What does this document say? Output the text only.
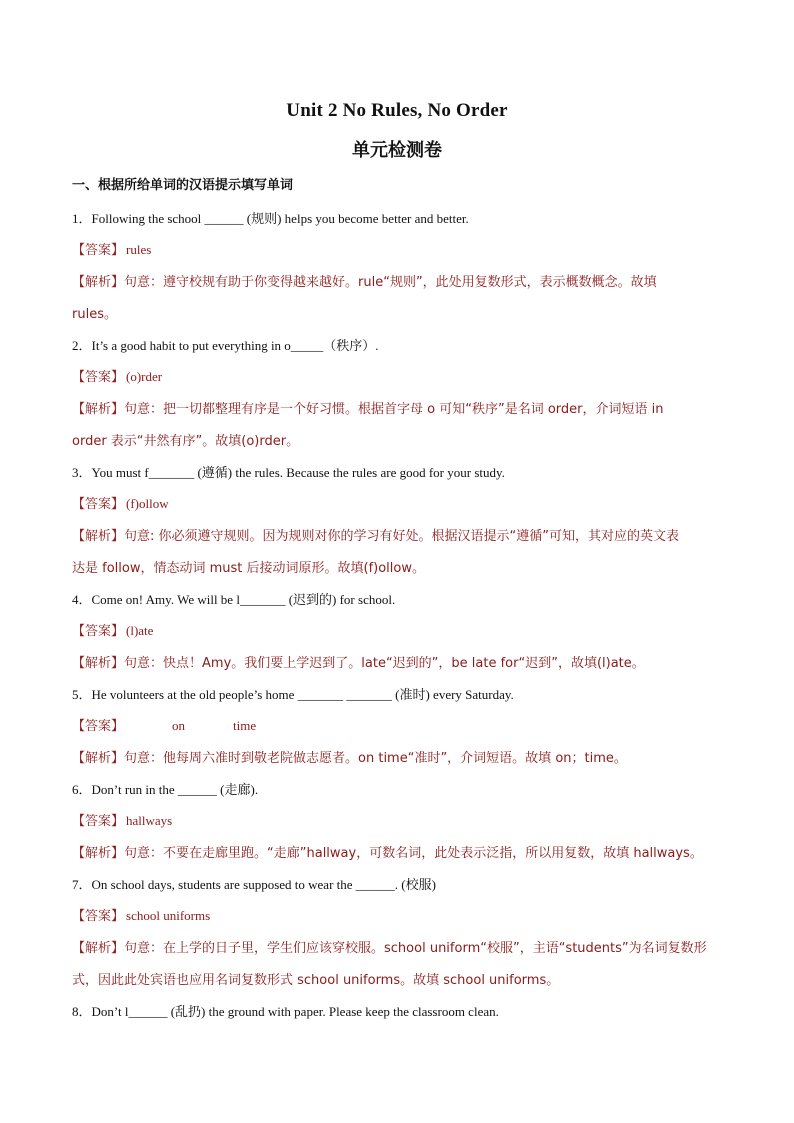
Unit 2 No Rules, No Order
单元检测卷
一、根据所给单词的汉语提示填写单词

1．Following the school ______ (规则) helps you become better and better.

【答案】 rules

【解析】句意：遵守校规有助于你变得越来越好。rule“规则”，此处用复数形式，表示概数概念。故填

rules。

2．It’s a good habit to put everything in o_____（秩序）.

【答案】 (o)rder

【解析】句意：把一切都整理有序是一个好习惯。根据首字母 o 可知“秩序”是名词 order，介词短语 in

order 表示“井然有序”。故填(o)rder。

3．You must f_______ (遵循) the rules. Because the rules are good for your study.

【答案】 (f)ollow

【解析】句意: 你必须遵守规则。因为规则对你的学习有好处。根据汉语提示“遵循”可知，其对应的英文表

达是 follow，情态动词 must 后接动词原形。故填(f)ollow。

4．Come on! Amy. We will be l_______ (迟到的) for school.

【答案】 (l)ate

【解析】句意：快点！Amy。我们要上学迟到了。late“迟到的”，be late for“迟到”，故填(l)ate。

5．He volunteers at the old people’s home _______ _______ (准时) every Saturday.

【答案】	on	time

【解析】句意：他每周六准时到敬老院做志愿者。on time“准时”，介词短语。故填 on；time。

6．Don’t run in the ______ (走廊).

【答案】 hallways

【解析】句意：不要在走廊里跑。“走廊”hallway，可数名词，此处表示泛指，所以用复数，故填 hallways。

7．On school days, students are supposed to wear the ______. (校服)

【答案】 school uniforms

【解析】句意：在上学的日子里，学生们应该穿校服。school uniform“校服”，主语“students”为名词复数形

式，因此此处宾语也应用名词复数形式 school uniforms。故填 school uniforms。

8．Don’t l______ (乱扔) the ground with paper. Please keep the classroom clean.
